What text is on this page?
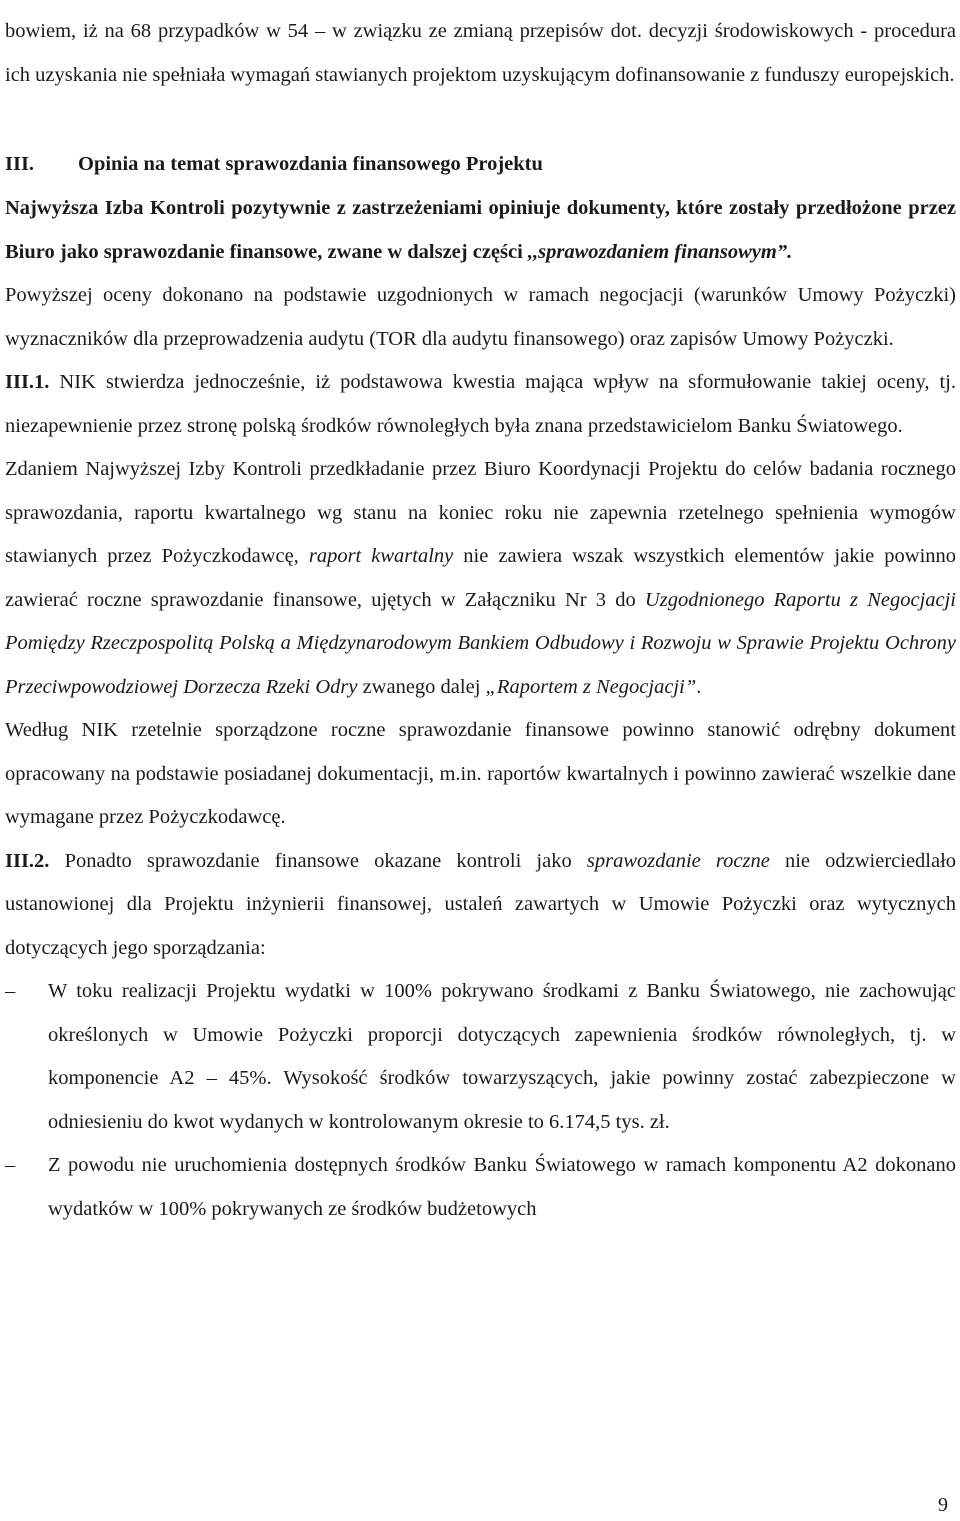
bowiem, iż na 68 przypadków w 54 – w związku ze zmianą przepisów dot. decyzji środowiskowych - procedura ich uzyskania nie spełniała wymagań stawianych projektom uzyskującym dofinansowanie z funduszy europejskich.

III. Opinia na temat sprawozdania finansowego Projektu

Najwyższa Izba Kontroli pozytywnie z zastrzeżeniami opiniuje dokumenty, które zostały przedłożone przez Biuro jako sprawozdanie finansowe, zwane w dalszej części ,,sprawozdaniem finansowym”.

Powyższej oceny dokonano na podstawie uzgodnionych w ramach negocjacji (warunków Umowy Pożyczki) wyznaczników dla przeprowadzenia audytu (TOR dla audytu finansowego) oraz zapisów Umowy Pożyczki.

III.1. NIK stwierdza jednocześnie, iż podstawowa kwestia mająca wpływ na sformułowanie takiej oceny, tj. niezapewnienie przez stronę polską środków równoległych była znana przedstawicielom Banku Światowego.

Zdaniem Najwyższej Izby Kontroli przedkładanie przez Biuro Koordynacji Projektu do celów badania rocznego sprawozdania, raportu kwartalnego wg stanu na koniec roku nie zapewnia rzetelnego spełnienia wymogów stawianych przez Pożyczkodawcę, raport kwartalny nie zawiera wszak wszystkich elementów jakie powinno zawierać roczne sprawozdanie finansowe, ujętych w Załączniku Nr 3 do Uzgodnionego Raportu z Negocjacji Pomiędzy Rzeczpospolitą Polską a Międzynarodowym Bankiem Odbudowy i Rozwoju w Sprawie Projektu Ochrony Przeciwpowodziowej Dorzecza Rzeki Odry zwanego dalej „Raportem z Negocjacji”.

Według NIK rzetelnie sporządzone roczne sprawozdanie finansowe powinno stanowić odrębny dokument opracowany na podstawie posiadanej dokumentacji, m.in. raportów kwartalnych i powinno zawierać wszelkie dane wymagane przez Pożyczkodawcę.

III.2. Ponadto sprawozdanie finansowe okazane kontroli jako sprawozdanie roczne nie odzwierciedlało ustanowionej dla Projektu inżynierii finansowej, ustaleń zawartych w Umowie Pożyczki oraz wytycznych dotyczących jego sporządzania:

–	W toku realizacji Projektu wydatki w 100% pokrywano środkami z Banku Światowego, nie zachowując określonych w Umowie Pożyczki proporcji dotyczących zapewnienia środków równoległych, tj. w komponencie A2 – 45%. Wysokość środków towarzyszących, jakie powinny zostać zabezpieczone w odniesieniu do kwot wydanych w kontrolowanym okresie to 6.174,5 tys. zł.
–	Z powodu nie uruchomienia dostępnych środków Banku Światowego w ramach komponentu A2 dokonano wydatków w 100% pokrywanych ze środków budżetowych
9
